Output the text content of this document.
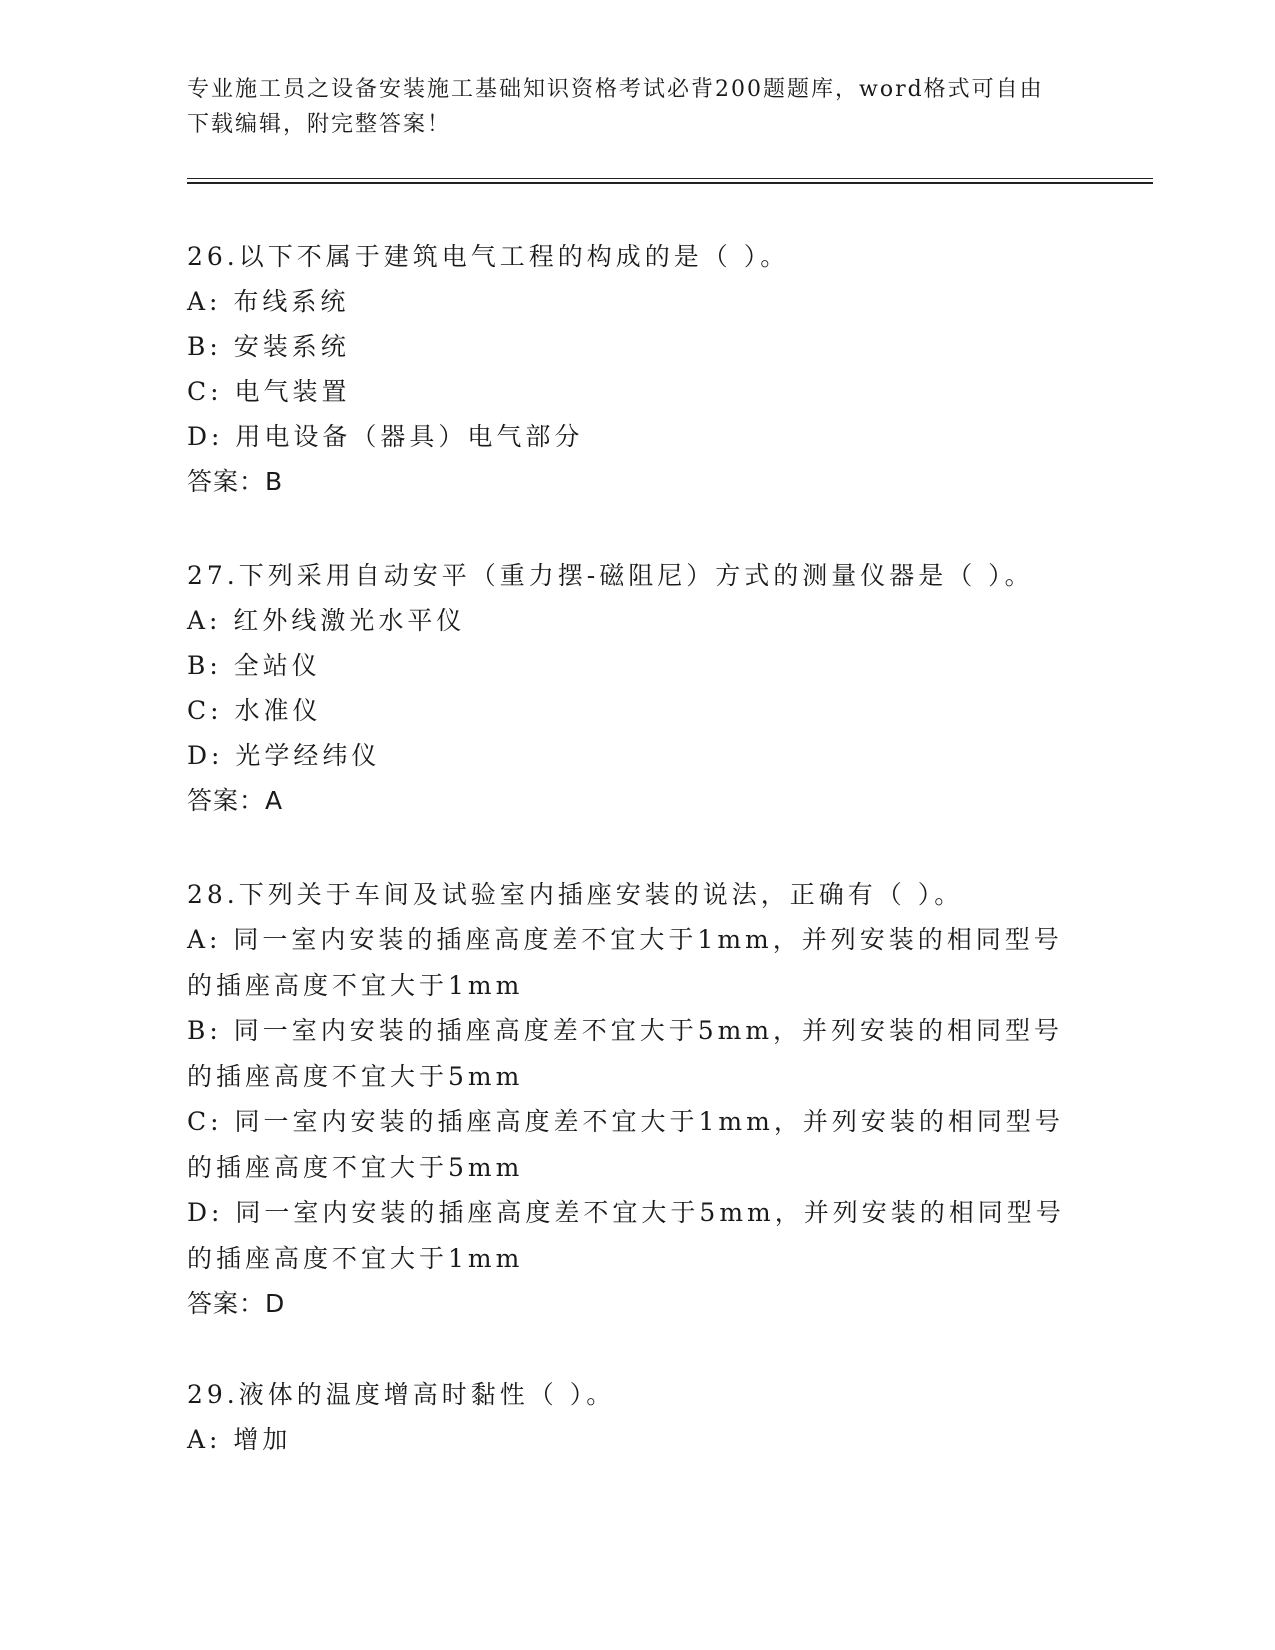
专业施工员之设备安装施工基础知识资格考试必背200题题库，word格式可自由下载编辑，附完整答案！
26.以下不属于建筑电气工程的构成的是（ ）。
A: 布线系统
B: 安装系统
C: 电气装置
D: 用电设备（器具）电气部分
答案：B
27.下列采用自动安平（重力摆-磁阻尼）方式的测量仪器是（ ）。
A: 红外线激光水平仪
B: 全站仪
C: 水准仪
D: 光学经纬仪
答案：A
28.下列关于车间及试验室内插座安装的说法，正确有（ ）。
A: 同一室内安装的插座高度差不宜大于1mm，并列安装的相同型号的插座高度不宜大于1mm
B: 同一室内安装的插座高度差不宜大于5mm，并列安装的相同型号的插座高度不宜大于5mm
C: 同一室内安装的插座高度差不宜大于1mm，并列安装的相同型号的插座高度不宜大于5mm
D: 同一室内安装的插座高度差不宜大于5mm，并列安装的相同型号的插座高度不宜大于1mm
答案：D
29.液体的温度增高时黏性（ ）。
A: 增加
